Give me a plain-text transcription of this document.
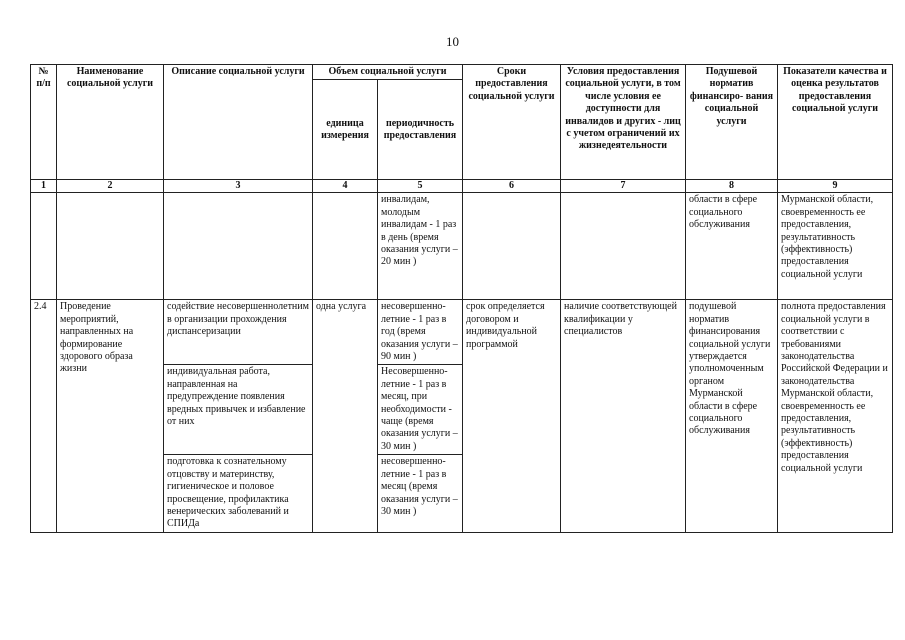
10
№ п/п	Наименование социальной услуги	Описание социальной услуги	Объем социальной услуги		Сроки предоставления социальной услуги	Условия предоставления социальной услуги, в том числе условия ее доступности для инвалидов и других - лиц с учетом ограничений их жизнедеятельности	Подушевой норматив финансиро- вания социальной услуги	Показатели качества и оценка результатов предоставления социальной услуги
			единица измерения	периодичность предоставления				
1	2	3	4	5	6	7	8	9
				инвалидам, молодым инвалидам - 1 раз в день (время оказания услуги – 20 мин )			области в сфере социального обслуживания	Мурманской области, своевременность ее предоставления, результативность (эффективность) предоставления социальной услуги
2.4	Проведение мероприятий, направленных на формирование здорового образа жизни	содействие несовершеннолетним в организации прохождения диспансеризации	одна услуга	несовершенно- летние - 1 раз в год (время оказания услуги – 90 мин )	срок определяется договором и индивидуальной программой	наличие соответствующей квалификации у специалистов	подушевой норматив финансирования социальной услуги утверждается уполномоченным органом Мурманской области в сфере социального обслуживания	полнота предоставления социальной услуги в соответствии с требованиями законодательства Российской Федерации и законодательства Мурманской области, своевременность ее предоставления, результативность (эффективность) предоставления социальной услуги
		индивидуальная работа, направленная на предупреждение появления вредных привычек и избавление от них		Несовершенно- летние - 1 раз в месяц, при необходимости - чаще (время оказания услуги – 30 мин )				
		подготовка к сознательному отцовству и материнству, гигиеническое и половое просвещение, профилактика венерических заболеваний и СПИДа		несовершенно- летние - 1 раз в месяц (время оказания услуги – 30 мин )				
